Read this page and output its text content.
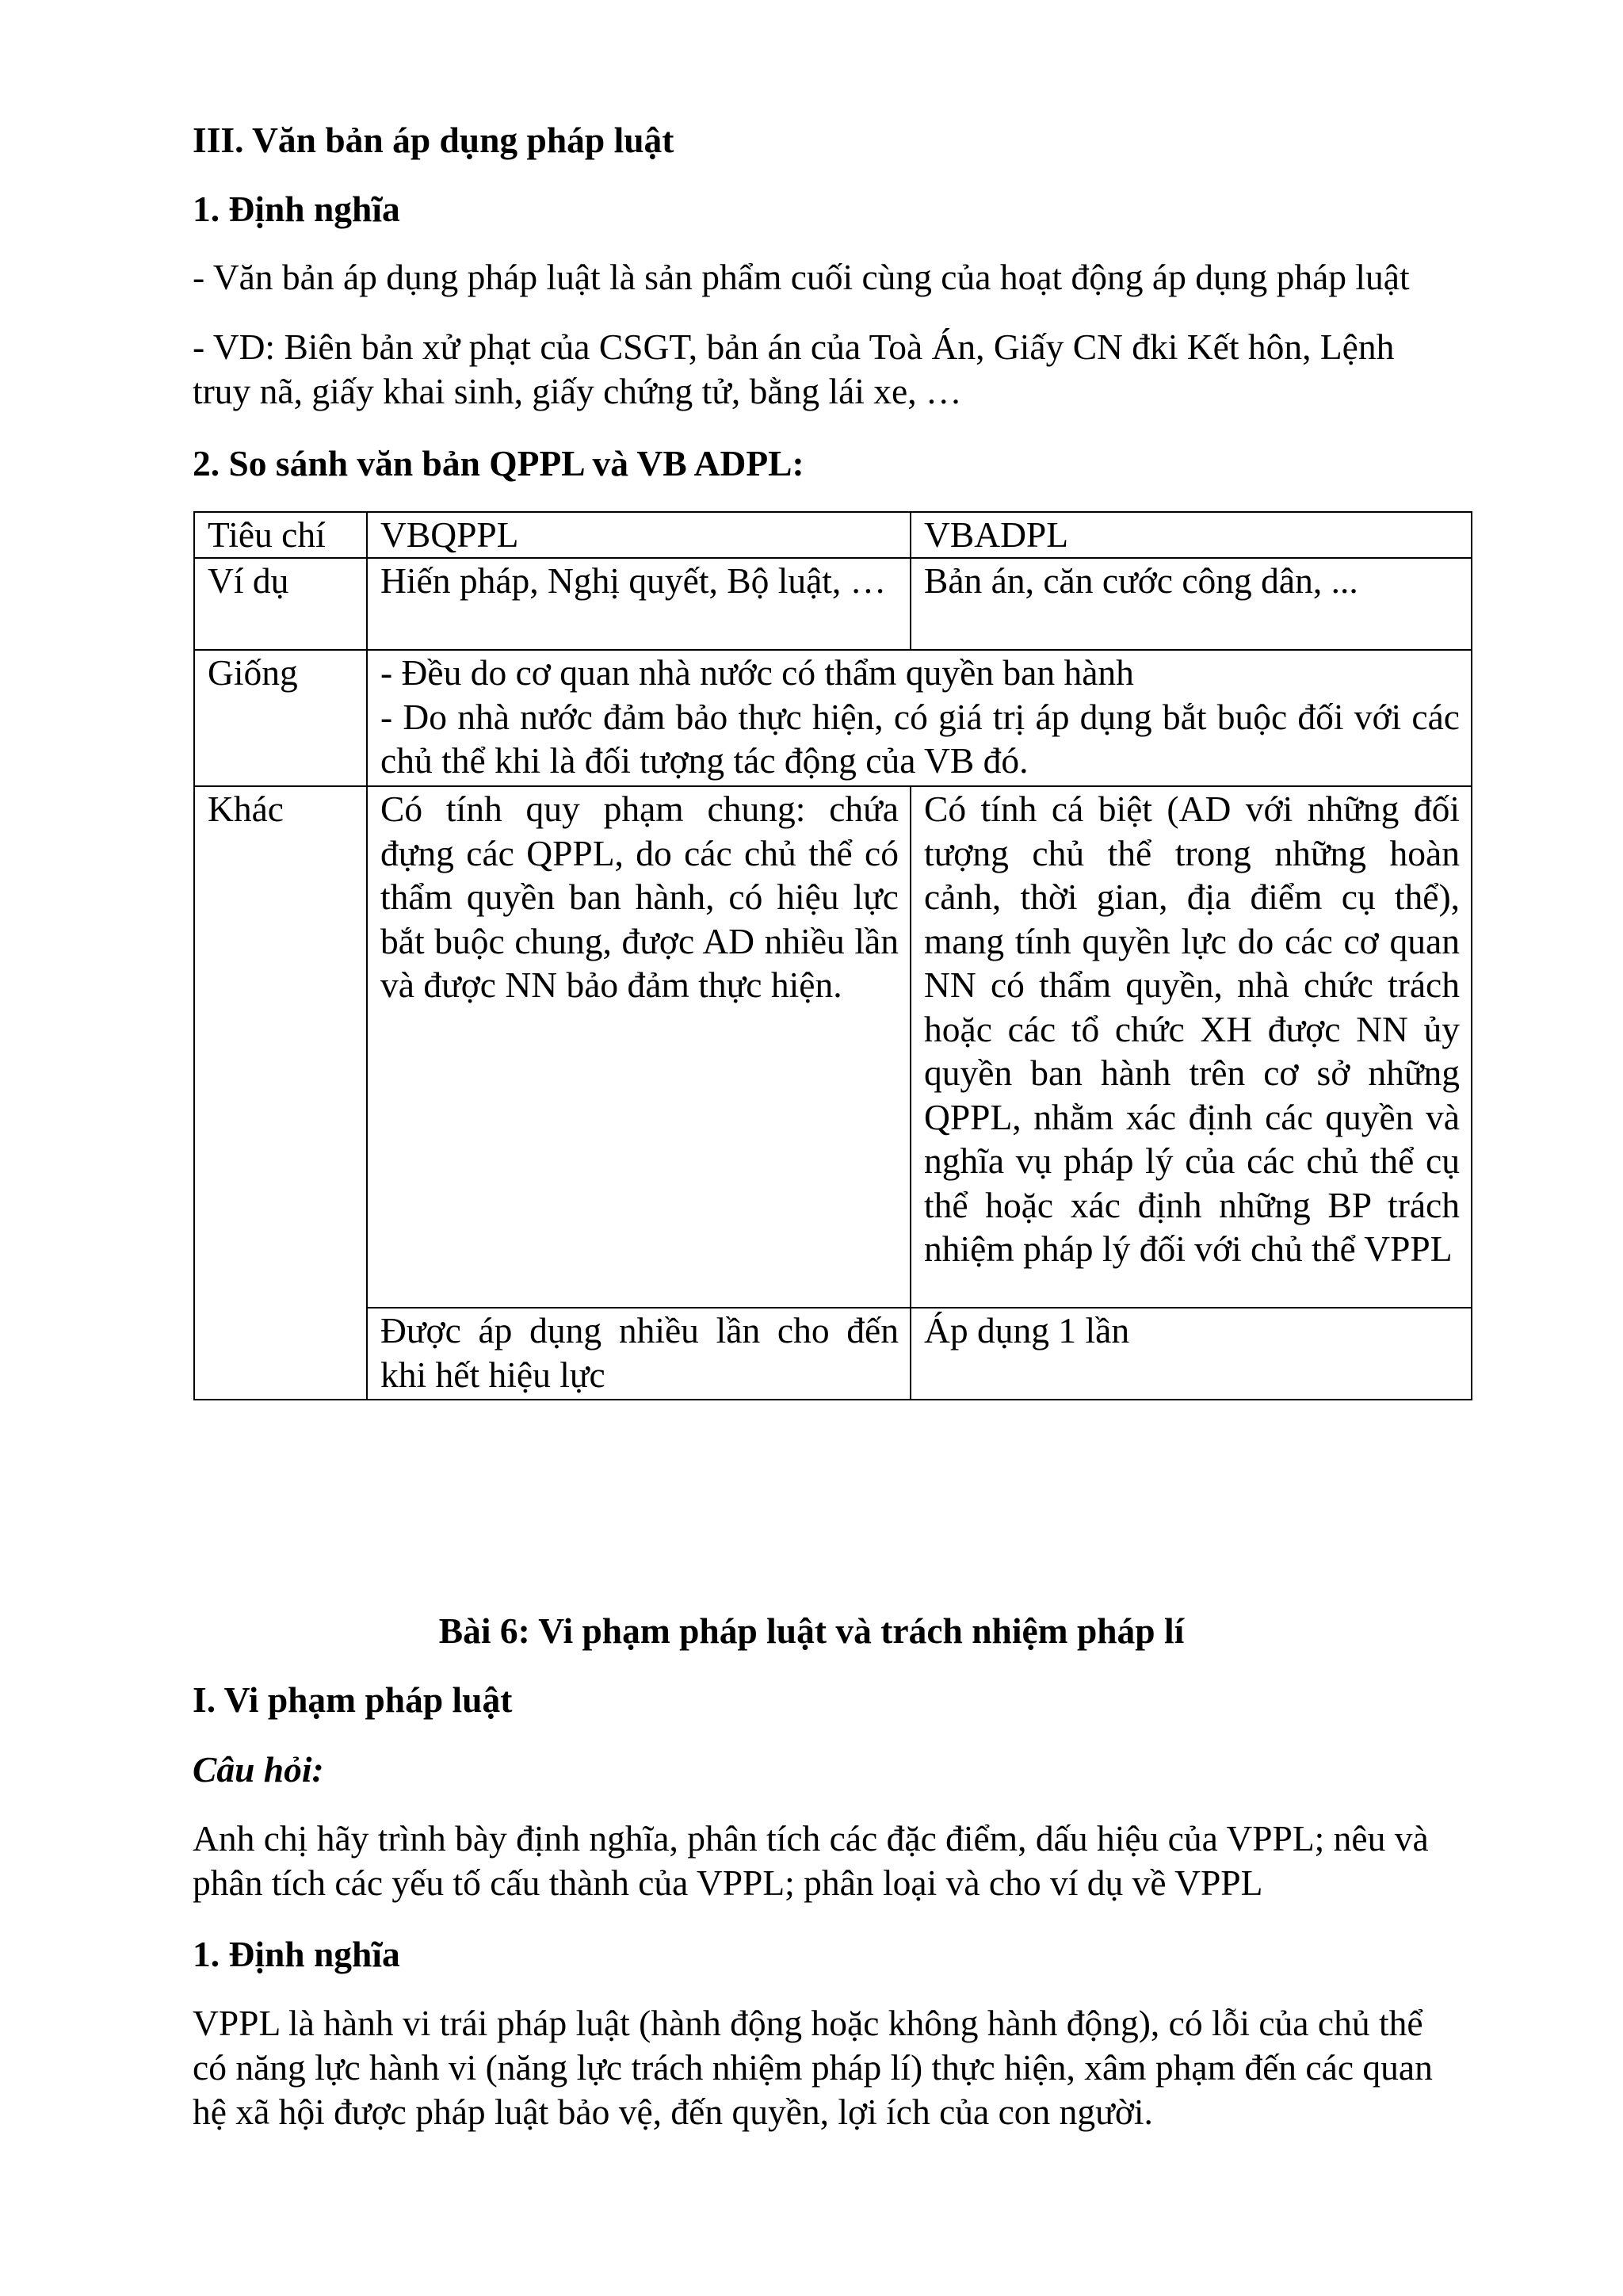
III. Văn bản áp dụng pháp luật

1. Định nghĩa

- Văn bản áp dụng pháp luật là sản phẩm cuối cùng của hoạt động áp dụng pháp luật

- VD: Biên bản xử phạt của CSGT, bản án của Toà Án, Giấy CN đki Kết hôn, Lệnh

truy nã, giấy khai sinh, giấy chứng tử, bằng lái xe, …

2. So sánh văn bản QPPL và VB ADPL:

Tiêu chí	VBQPPL	VBADPL
Ví dụ	Hiến pháp, Nghị quyết, Bộ luật, …	Bản án, căn cước công dân, ...
Giống	- Đều do cơ quan nhà nước có thẩm quyền ban hành
- Do nhà nước đảm bảo thực hiện, có giá trị áp dụng bắt buộc đối với các chủ thể khi là đối tượng tác động của VB đó.	

Khác	Có tính quy phạm chung: chứa đựng các QPPL, do các chủ thể có thẩm quyền ban hành, có hiệu lực bắt buộc chung, được AD nhiều lần và được NN bảo đảm thực hiện.	Có tính cá biệt (AD với những đối tượng chủ thể trong những hoàn cảnh, thời gian, địa điểm cụ thể), mang tính quyền lực do các cơ quan NN có thẩm quyền, nhà chức trách hoặc các tổ chức XH được NN ủy quyền ban hành trên cơ sở những QPPL, nhằm xác định các quyền và nghĩa vụ pháp lý của các chủ thể cụ thể hoặc xác định những BP trách nhiệm pháp lý đối với chủ thể VPPL
	Được áp dụng nhiều lần cho đến khi hết hiệu lực	Áp dụng 1 lần

Bài 6: Vi phạm pháp luật và trách nhiệm pháp lí

I. Vi phạm pháp luật

Câu hỏi:

Anh chị hãy trình bày định nghĩa, phân tích các đặc điểm, dấu hiệu của VPPL; nêu và

phân tích các yếu tố cấu thành của VPPL; phân loại và cho ví dụ về VPPL

1. Định nghĩa

VPPL là hành vi trái pháp luật (hành động hoặc không hành động), có lỗi của chủ thể

có năng lực hành vi (năng lực trách nhiệm pháp lí) thực hiện, xâm phạm đến các quan

hệ xã hội được pháp luật bảo vệ, đến quyền, lợi ích của con người.
